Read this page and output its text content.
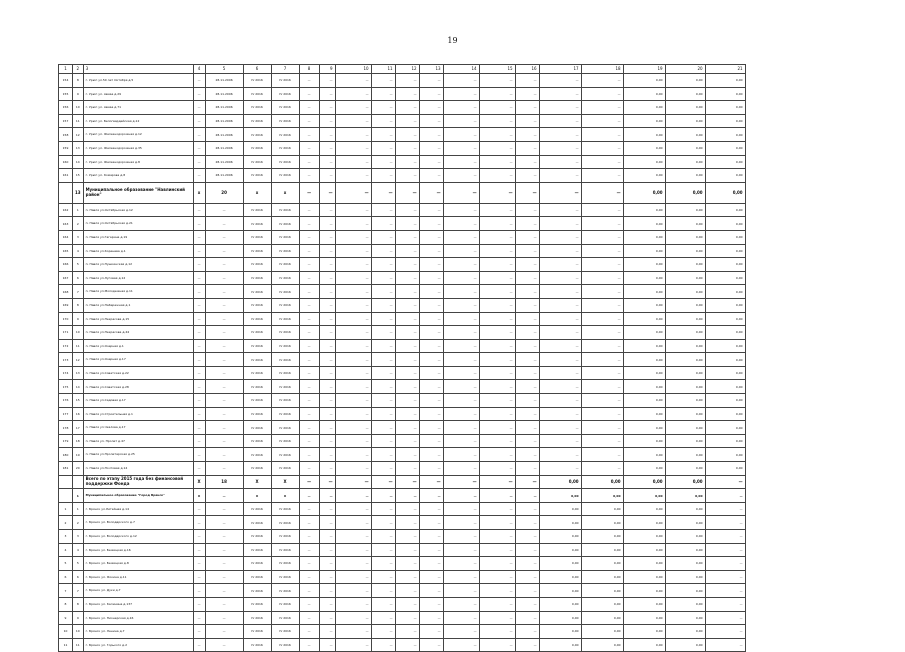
19
1	2	3	4	5	6	7	8	9	10	11	12	13	14	15	16	17	18	19	20	21
154	8	г. Урюп ул.50 лет Октября д.5	—	28.11.2006	IV 2016	IV 2016	—	—	—	—	—	—	—	—	—	—	—	0,00	0,00	0,00
155	9	г. Урюп ул. Авиаа д.29	—	28.11.2006	IV 2016	IV 2016	—	—	—	—	—	—	—	—	—	—	—	0,00	0,00	0,00
156	10	г. Урюп ул. Авиаа д.71	—	28.11.2006	IV 2016	IV 2016	—	—	—	—	—	—	—	—	—	—	—	0,00	0,00	0,00
157	11	г. Урюп ул. Белогвардейская д.12	—	28.11.2006	IV 2016	IV 2016	—	—	—	—	—	—	—	—	—	—	—	0,00	0,00	0,00
158	12	г. Урюп ул. Железнодорожная д.12	—	28.11.2006	IV 2016	IV 2016	—	—	—	—	—	—	—	—	—	—	—	0,00	0,00	0,00
159	13	г. Урюп ул. Железнодорожная д.35	—	28.11.2006	IV 2016	IV 2016	—	—	—	—	—	—	—	—	—	—	—	0,00	0,00	0,00
160	14	г. Урюп ул. Железнодорожная д.8	—	28.11.2006	IV 2016	IV 2016	—	—	—	—	—	—	—	—	—	—	—	0,00	0,00	0,00
161	15	г. Урюп ул. Комарова д.8	—	28.11.2006	IV 2016	IV 2016	—	—	—	—	—	—	—	—	—	—	—	0,00	0,00	0,00
	13	Муниципальное образование "Навлинский район"	х	20	х	х	—	—	—	—	—	—	—	—	—	—	—	0,00	0,00	0,00
162	1	п. Навля ул.Октябрьская д.12	—	—	IV 2016	IV 2016	—	—	—	—	—	—	—	—	—	—	—	0,00	0,00	0,00
163	2	п. Навля ул.Октябрьская д.21	—	—	IV 2016	IV 2016	—	—	—	—	—	—	—	—	—	—	—	0,00	0,00	0,00
164	3	п. Навля ул.Гагарина д.19	—	—	IV 2016	IV 2016	—	—	—	—	—	—	—	—	—	—	—	0,00	0,00	0,00
165	4	п. Навля ул.Коренева д.1	—	—	IV 2016	IV 2016	—	—	—	—	—	—	—	—	—	—	—	0,00	0,00	0,00
166	5	п. Навля ул.Пушкинская д.12	—	—	IV 2016	IV 2016	—	—	—	—	—	—	—	—	—	—	—	0,00	0,00	0,00
167	6	п. Навля ул.Луговая д.12	—	—	IV 2016	IV 2016	—	—	—	—	—	—	—	—	—	—	—	0,00	0,00	0,00
168	7	п. Навля ул.Молодежная д.11	—	—	IV 2016	IV 2016	—	—	—	—	—	—	—	—	—	—	—	0,00	0,00	0,00
169	8	п. Навля ул.Набережная д.1	—	—	IV 2016	IV 2016	—	—	—	—	—	—	—	—	—	—	—	0,00	0,00	0,00
170	9	п. Навля ул.Некрасова д.15	—	—	IV 2016	IV 2016	—	—	—	—	—	—	—	—	—	—	—	0,00	0,00	0,00
171	10	п. Навля ул.Некрасова д.44	—	—	IV 2016	IV 2016	—	—	—	—	—	—	—	—	—	—	—	0,00	0,00	0,00
172	11	п. Навля ул.Озерная д.1	—	—	IV 2016	IV 2016	—	—	—	—	—	—	—	—	—	—	—	0,00	0,00	0,00
173	12	п. Навля ул.Озерная д.17	—	—	IV 2016	IV 2016	—	—	—	—	—	—	—	—	—	—	—	0,00	0,00	0,00
174	13	п. Навля ул.Советская д.22	—	—	IV 2016	IV 2016	—	—	—	—	—	—	—	—	—	—	—	0,00	0,00	0,00
175	14	п. Навля ул.Советская д.28	—	—	IV 2016	IV 2016	—	—	—	—	—	—	—	—	—	—	—	0,00	0,00	0,00
176	15	п. Навля ул.Садовая д.17	—	—	IV 2016	IV 2016	—	—	—	—	—	—	—	—	—	—	—	0,00	0,00	0,00
177	16	п. Навля ул.Строительная д.1	—	—	IV 2016	IV 2016	—	—	—	—	—	—	—	—	—	—	—	0,00	0,00	0,00
178	17	п. Навля ул.Чкалова д.17	—	—	IV 2016	IV 2016	—	—	—	—	—	—	—	—	—	—	—	0,00	0,00	0,00
179	18	п. Навля ул. Пролет д.47	—	—	IV 2016	IV 2016	—	—	—	—	—	—	—	—	—	—	—	0,00	0,00	0,00
180	19	п. Навля ул.Пролетарская д.25	—	—	IV 2016	IV 2016	—	—	—	—	—	—	—	—	—	—	—	0,00	0,00	0,00
181	20	п. Навля ул.Почтовая д.14	—	—	IV 2016	IV 2016	—	—	—	—	—	—	—	—	—	—	—	0,00	0,00	0,00
		Всего по этапу 2015 года без финансовой поддержки Фонда	Х	18	Х	Х	—	—	—	—	—	—	—	—	—	0,00	0,00	0,00	0,00	—
	1	Муниципальное образование "Город Брянск"	Х	—	Х	Х	—	—	—	—	—	—	—	—	—	0,00	0,00	0,00	0,00	—
1	1	г. Брянск ул.Литейная д.14	—	—	IV 2016	IV 2016	—	—	—	—	—	—	—	—	—	0,00	0,00	0,00	0,00	—
2	2	г. Брянск ул. Володарского д.7	—	—	IV 2016	IV 2016	—	—	—	—	—	—	—	—	—	0,00	0,00	0,00	0,00	—
3	3	г. Брянск ул. Володарского д.12	—	—	IV 2016	IV 2016	—	—	—	—	—	—	—	—	—	0,00	0,00	0,00	0,00	—
4	4	г. Брянск ул. Бежицкая д.16	—	—	IV 2016	IV 2016	—	—	—	—	—	—	—	—	—	0,00	0,00	0,00	0,00	—
5	5	г. Брянск ул. Бежицкая д.8	—	—	IV 2016	IV 2016	—	—	—	—	—	—	—	—	—	0,00	0,00	0,00	0,00	—
6	6	г. Брянск ул. Фокина д.11	—	—	IV 2016	IV 2016	—	—	—	—	—	—	—	—	—	0,00	0,00	0,00	0,00	—
7	7	г. Брянск ул. Дуки д.7	—	—	IV 2016	IV 2016	—	—	—	—	—	—	—	—	—	0,00	0,00	0,00	0,00	—
8	8	г. Брянск ул. Калинина д.137	—	—	IV 2016	IV 2016	—	—	—	—	—	—	—	—	—	0,00	0,00	0,00	0,00	—
9	9	г. Брянск ул. Пионерская д.16	—	—	IV 2016	IV 2016	—	—	—	—	—	—	—	—	—	0,00	0,00	0,00	0,00	—
10	10	г. Брянск ул. Ленина д.7	—	—	IV 2016	IV 2016	—	—	—	—	—	—	—	—	—	0,00	0,00	0,00	0,00	—
11	11	г. Брянск ул. Горького д.2	—	—	IV 2016	IV 2016	—	—	—	—	—	—	—	—	—	0,00	0,00	0,00	0,00	—
